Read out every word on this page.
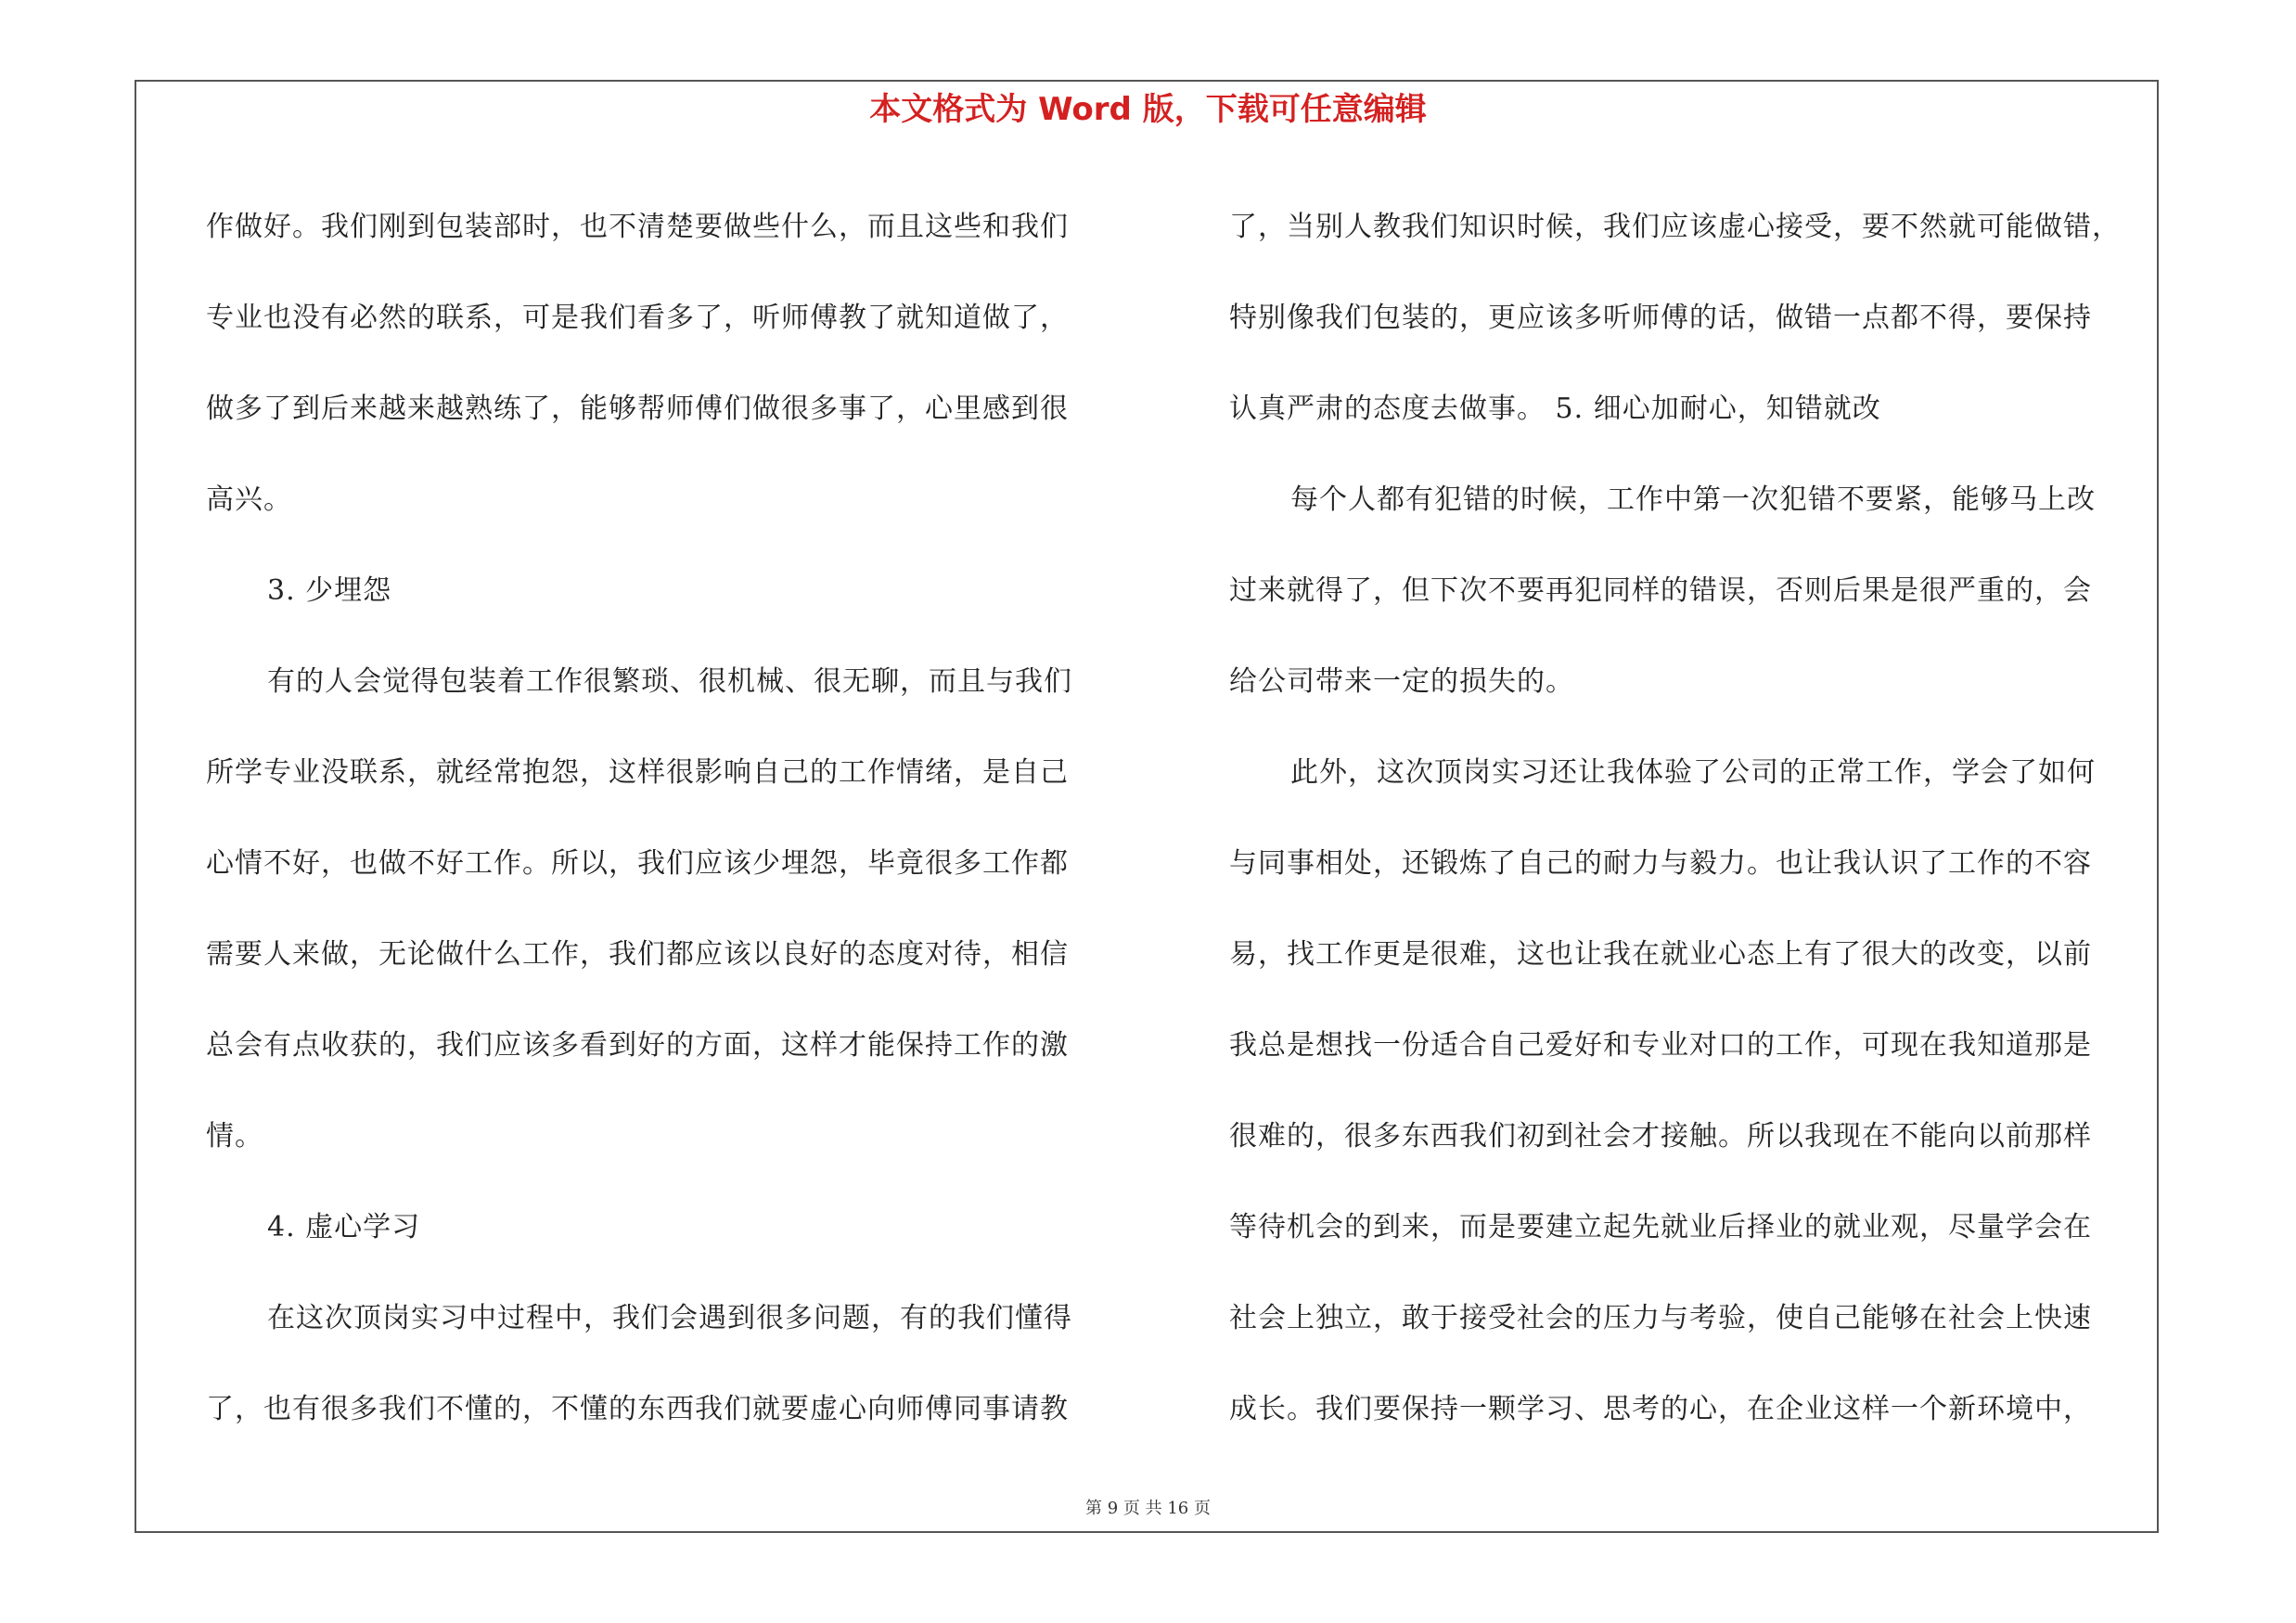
本文格式为 Word 版，下载可任意编辑
作做好。我们刚到包装部时，也不清楚要做些什么，而且这些和我们
专业也没有必然的联系，可是我们看多了，听师傅教了就知道做了，
做多了到后来越来越熟练了，能够帮师傅们做很多事了，心里感到很
高兴。
3. 少埋怨
有的人会觉得包装着工作很繁琐、很机械、很无聊，而且与我们
所学专业没联系，就经常抱怨，这样很影响自己的工作情绪，是自己
心情不好，也做不好工作。所以，我们应该少埋怨，毕竟很多工作都
需要人来做，无论做什么工作，我们都应该以良好的态度对待，相信
总会有点收获的，我们应该多看到好的方面，这样才能保持工作的激
情。
4. 虚心学习
在这次顶岗实习中过程中，我们会遇到很多问题，有的我们懂得
了，也有很多我们不懂的，不懂的东西我们就要虚心向师傅同事请教
了，当别人教我们知识时候，我们应该虚心接受，要不然就可能做错，
特别像我们包装的，更应该多听师傅的话，做错一点都不得，要保持
认真严肃的态度去做事。 5. 细心加耐心，知错就改
每个人都有犯错的时候，工作中第一次犯错不要紧，能够马上改
过来就得了，但下次不要再犯同样的错误，否则后果是很严重的，会
给公司带来一定的损失的。
此外，这次顶岗实习还让我体验了公司的正常工作，学会了如何
与同事相处，还锻炼了自己的耐力与毅力。也让我认识了工作的不容
易，找工作更是很难，这也让我在就业心态上有了很大的改变，以前
我总是想找一份适合自己爱好和专业对口的工作，可现在我知道那是
很难的，很多东西我们初到社会才接触。所以我现在不能向以前那样
等待机会的到来，而是要建立起先就业后择业的就业观，尽量学会在
社会上独立，敢于接受社会的压力与考验，使自己能够在社会上快速
成长。我们要保持一颗学习、思考的心，在企业这样一个新环境中，
第 9 页 共 16 页
